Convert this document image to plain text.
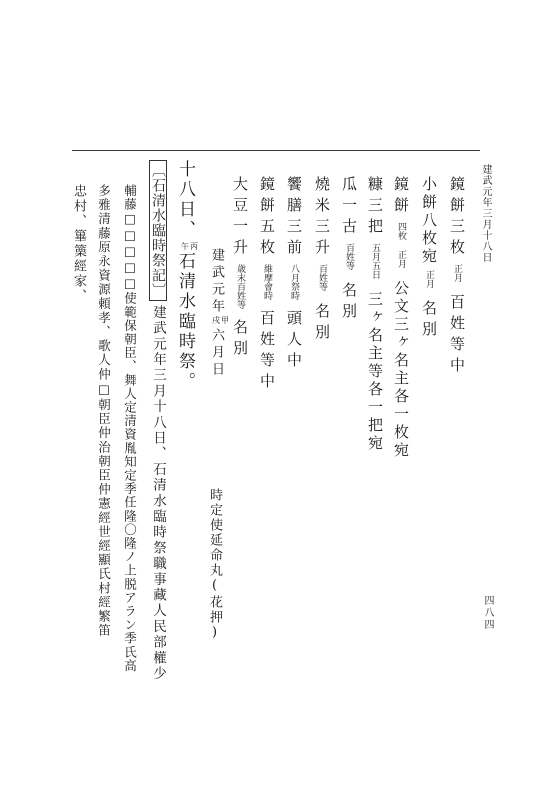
建武元年三月十八日
四八四
鏡餅三枚正月百姓等中
小餅八枚宛正月名別
鏡餅四枚 正月公文三ヶ名主各一枚宛
糠三把五月五日三ヶ名主等各一把宛
瓜一古百姓等名別
燒米三升百姓等名別
饗膳三前八月祭時頭人中
鏡餅五枚維摩會時百姓等中
大豆一升歳末百姓等名別
建武元年
甲
戌
六月日
時定使延命丸(花押)
十八日、
丙
午
石清水臨時祭。
〔石清水臨時祭記〕建武元年三月十八日、石清水臨時祭職事藏人民部權少
輔藤□□□□□使範保朝臣、舞人定清資胤知定季任隆〇隆ノ上脱アラン季氏高
多雅清藤原永資源頼孝、歌人仲□朝臣仲治朝臣仲憲經世經顯氏村經繁笛
忠村、篳篥經家、
